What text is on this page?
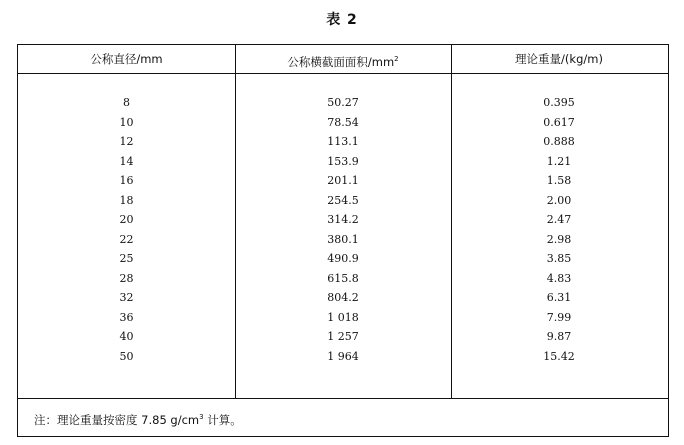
表 2
公称直径/mm	公称横截面面积$/mm^2$	理论重量/(kg/m)
8	50.27	0.395
10	78.54	0.617
12	113.1	0.888
14	153.9	1.21
16	201.1	1.58
18	254.5	2.00
20	314.2	2.47
22	380.1	2.98
25	490.9	3.85
28	615.8	4.83
32	804.2	6.31
36	1 018	7.99
40	1 257	9.87
50	1 964	15.42
注：理论重量按密度 7.85 $g/cm^3$ 计算。
